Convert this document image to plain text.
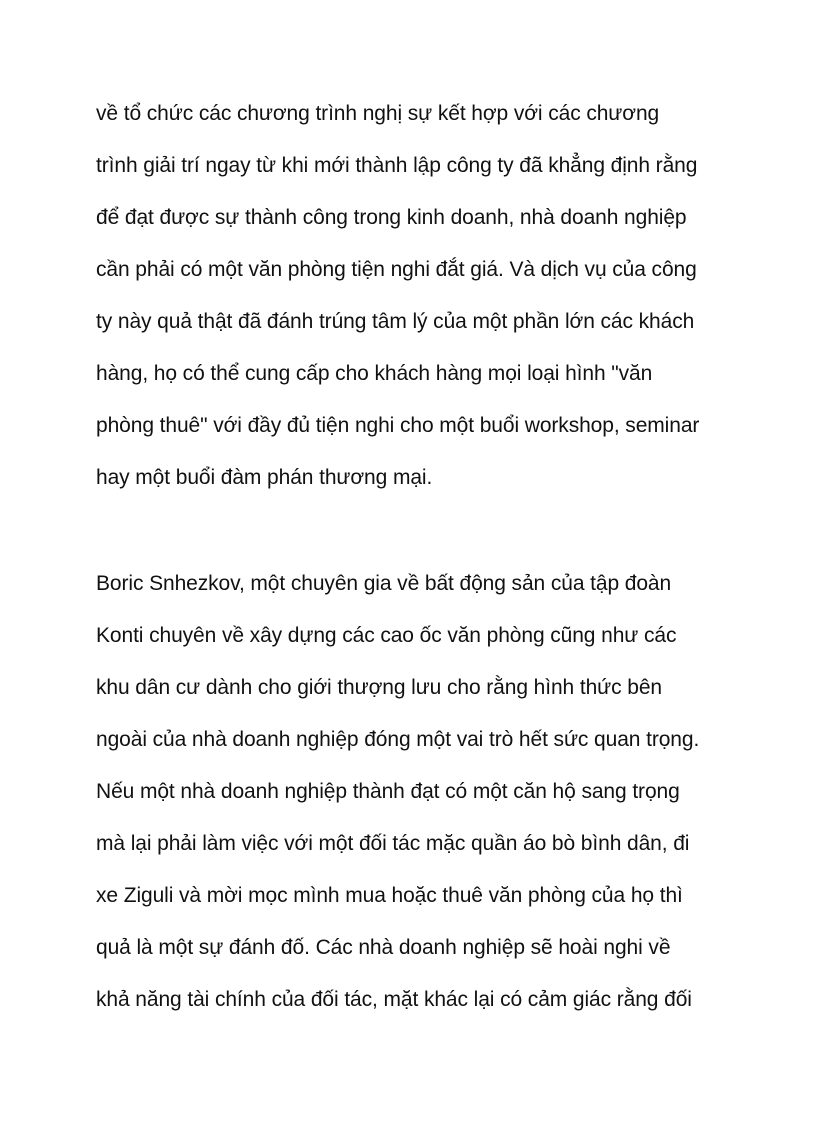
về tổ chức các chương trình nghị sự kết hợp với các chương
trình giải trí ngay từ khi mới thành lập công ty đã khẳng định rằng
để đạt được sự thành công trong kinh doanh, nhà doanh nghiệp
cần phải có một văn phòng tiện nghi đắt giá. Và dịch vụ của công
ty này quả thật đã đánh trúng tâm lý của một phần lớn các khách
hàng, họ có thể cung cấp cho khách hàng mọi loại hình "văn
phòng thuê" với đầy đủ tiện nghi cho một buổi workshop, seminar
hay một buổi đàm phán thương mại.
Boric Snhezkov, một chuyên gia về bất động sản của tập đoàn
Konti chuyên về xây dựng các cao ốc văn phòng cũng như các
khu dân cư dành cho giới thượng lưu cho rằng hình thức bên
ngoài của nhà doanh nghiệp đóng một vai trò hết sức quan trọng.
Nếu một nhà doanh nghiệp thành đạt có một căn hộ sang trọng
mà lại phải làm việc với một đối tác mặc quần áo bò bình dân, đi
xe Ziguli và mời mọc mình mua hoặc thuê văn phòng của họ thì
quả là một sự đánh đố. Các nhà doanh nghiệp sẽ hoài nghi về
khả năng tài chính của đối tác, mặt khác lại có cảm giác rằng đối
